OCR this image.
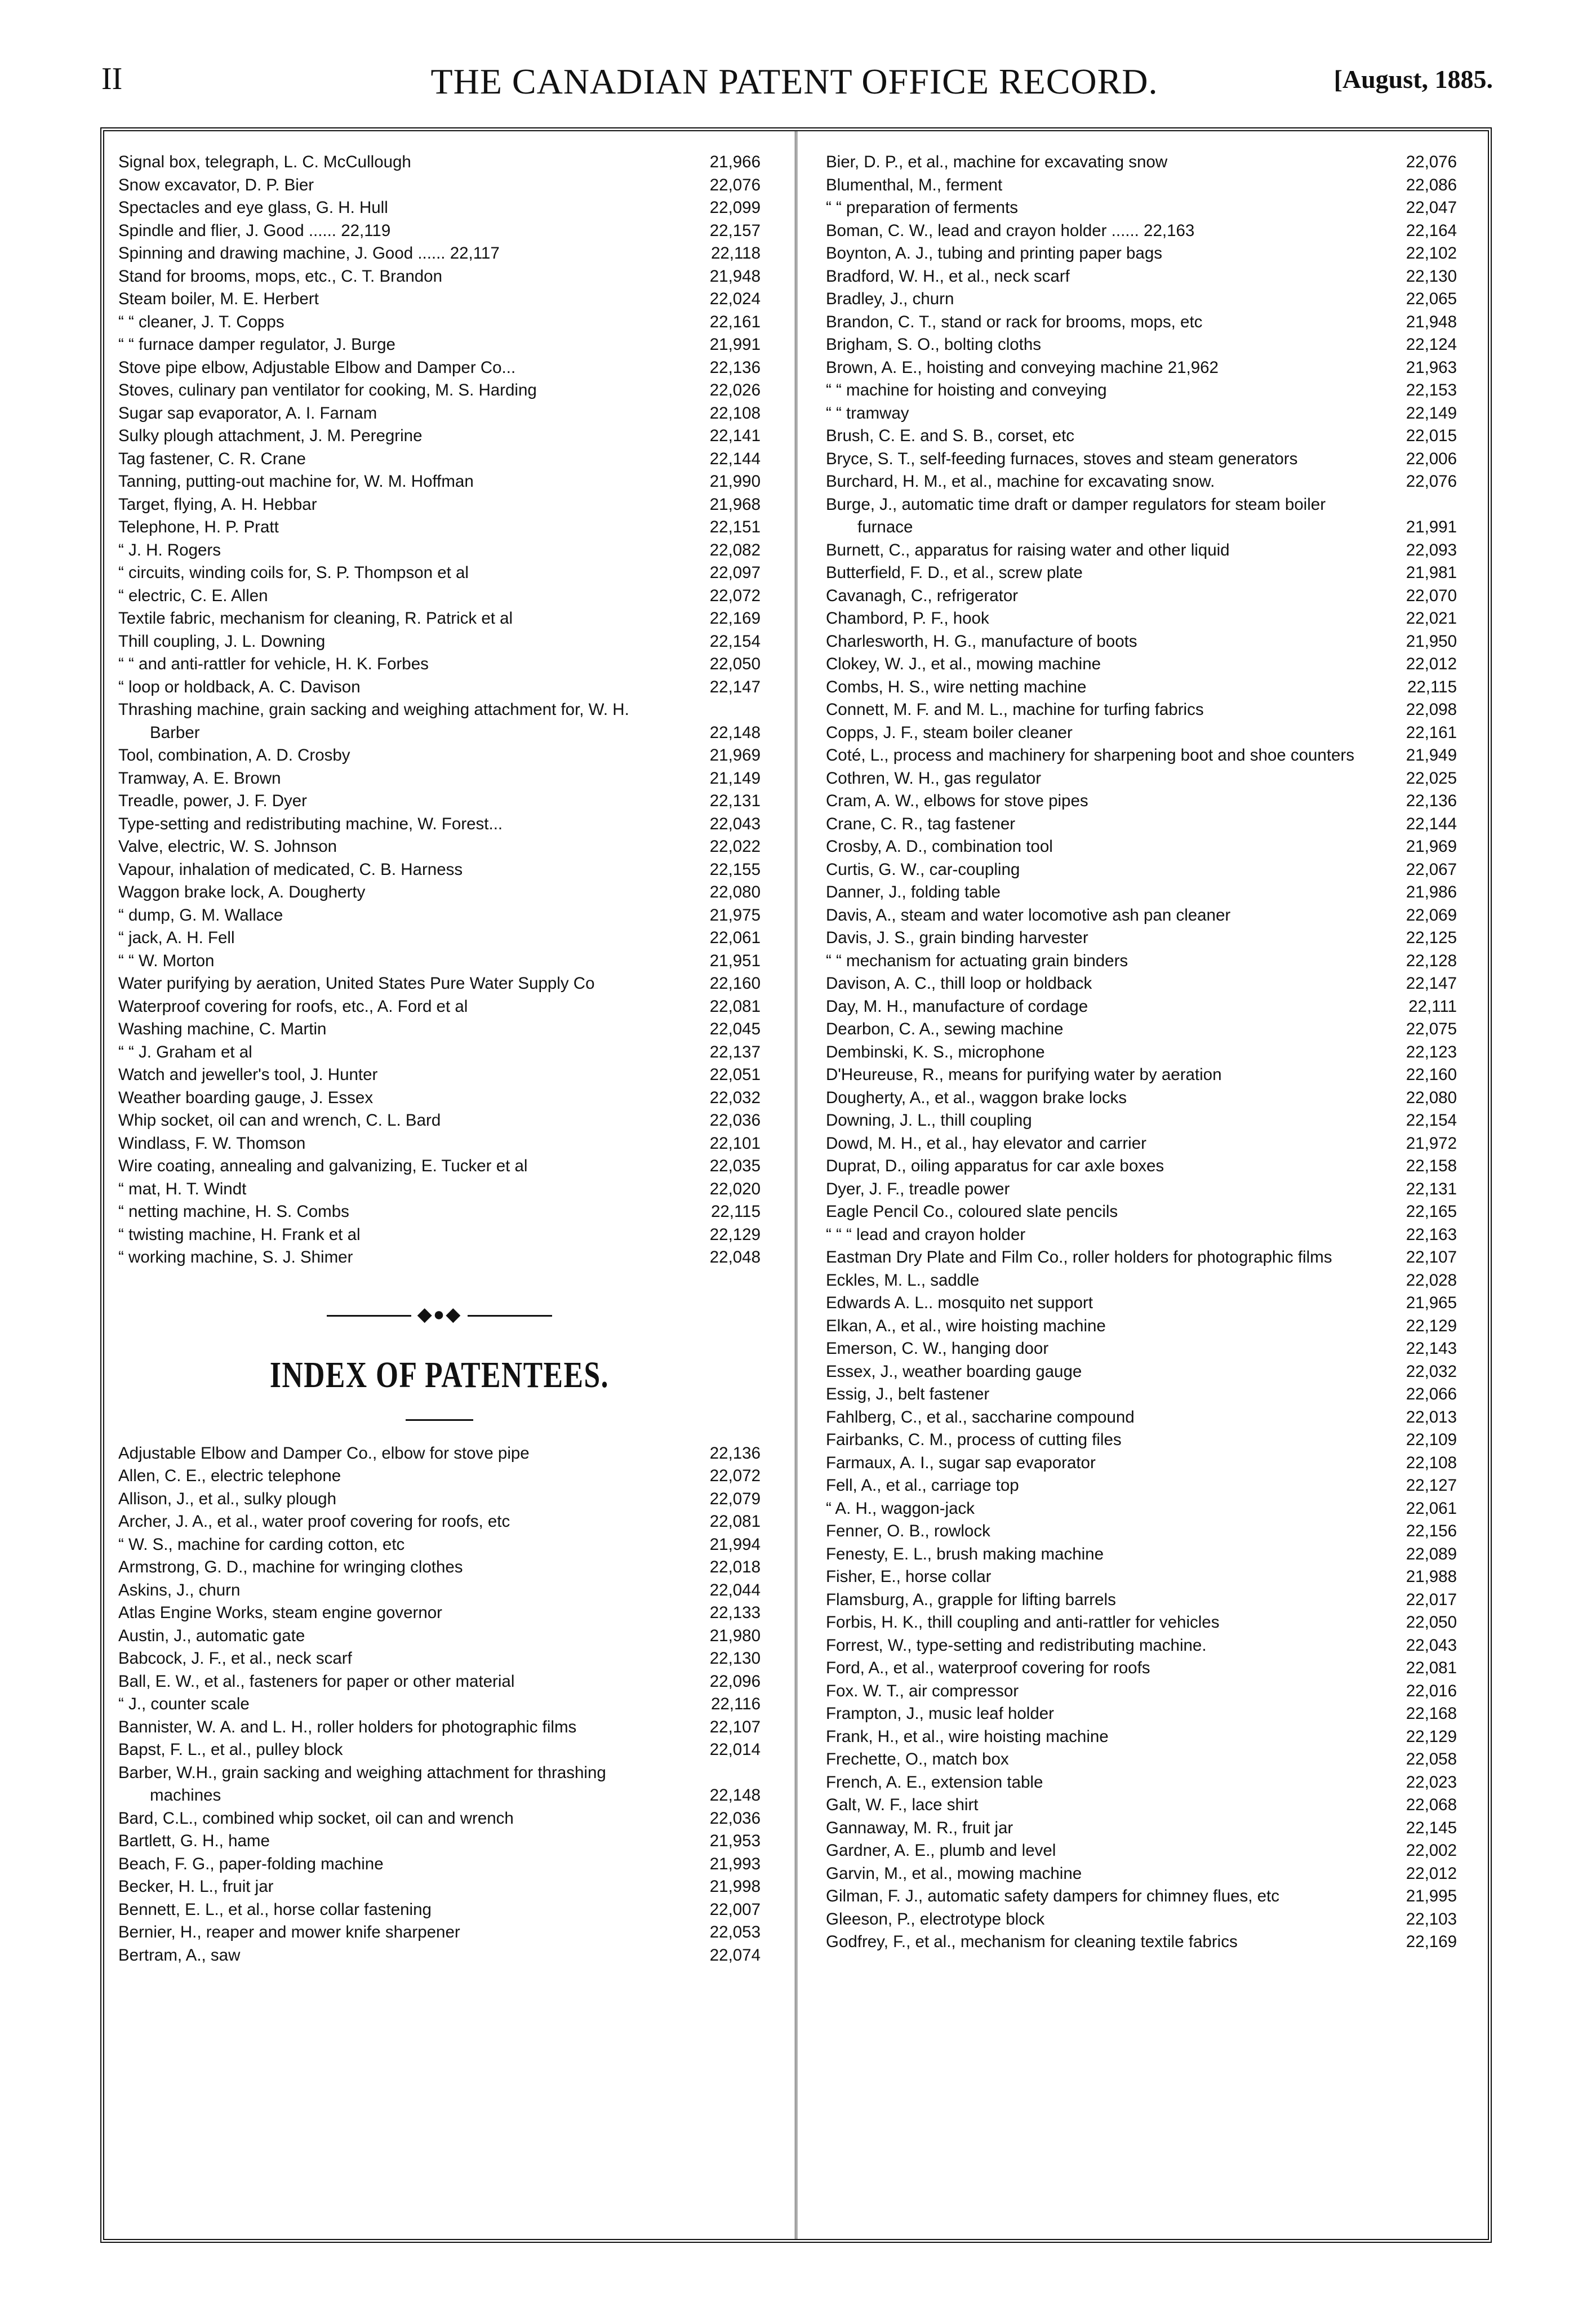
II	THE CANADIAN PATENT OFFICE RECORD.	[August, 1885.
Signal box, telegraph, L. C. McCullough	21,966
Snow excavator, D. P. Bier	22,076
Spectacles and eye glass, G. H. Hull	22,099
Spindle and flier, J. Good ...... 22,119	22,157
Spinning and drawing machine, J. Good ...... 22,117	22,118
Stand for brooms, mops, etc., C. T. Brandon	21,948
Steam boiler, M. E. Herbert	22,024
“ “ cleaner, J. T. Copps	22,161
“ “ furnace damper regulator, J. Burge	21,991
Stove pipe elbow, Adjustable Elbow and Damper Co...	22,136
Stoves, culinary pan ventilator for cooking, M. S. Harding	22,026
Sugar sap evaporator, A. I. Farnam	22,108
Sulky plough attachment, J. M. Peregrine	22,141
Tag fastener, C. R. Crane	22,144
Tanning, putting-out machine for, W. M. Hoffman	21,990
Target, flying, A. H. Hebbar	21,968
Telephone, H. P. Pratt	22,151
“ J. H. Rogers	22,082
“ circuits, winding coils for, S. P. Thompson et al	22,097
“ electric, C. E. Allen	22,072
Textile fabric, mechanism for cleaning, R. Patrick et al	22,169
Thill coupling, J. L. Downing	22,154
“ “ and anti-rattler for vehicle, H. K. Forbes	22,050
“ loop or holdback, A. C. Davison	22,147
Thrashing machine, grain sacking and weighing attachment for, W. H. Barber	22,148
Tool, combination, A. D. Crosby	21,969
Tramway, A. E. Brown	21,149
Treadle, power, J. F. Dyer	22,131
Type-setting and redistributing machine, W. Forest...	22,043
Valve, electric, W. S. Johnson	22,022
Vapour, inhalation of medicated, C. B. Harness	22,155
Waggon brake lock, A. Dougherty	22,080
“ dump, G. M. Wallace	21,975
“ jack, A. H. Fell	22,061
“ “ W. Morton	21,951
Water purifying by aeration, United States Pure Water Supply Co	22,160
Waterproof covering for roofs, etc., A. Ford et al	22,081
Washing machine, C. Martin	22,045
“ “ J. Graham et al	22,137
Watch and jeweller's tool, J. Hunter	22,051
Weather boarding gauge, J. Essex	22,032
Whip socket, oil can and wrench, C. L. Bard	22,036
Windlass, F. W. Thomson	22,101
Wire coating, annealing and galvanizing, E. Tucker et al	22,035
“ mat, H. T. Windt	22,020
“ netting machine, H. S. Combs	22,115
“ twisting machine, H. Frank et al	22,129
“ working machine, S. J. Shimer	22,048
◆●◆
INDEX OF PATENTEES.
Adjustable Elbow and Damper Co., elbow for stove pipe	22,136
Allen, C. E., electric telephone	22,072
Allison, J., et al., sulky plough	22,079
Archer, J. A., et al., water proof covering for roofs, etc	22,081
“ W. S., machine for carding cotton, etc	21,994
Armstrong, G. D., machine for wringing clothes	22,018
Askins, J., churn	22,044
Atlas Engine Works, steam engine governor	22,133
Austin, J., automatic gate	21,980
Babcock, J. F., et al., neck scarf	22,130
Ball, E. W., et al., fasteners for paper or other material	22,096
“ J., counter scale	22,116
Bannister, W. A. and L. H., roller holders for photographic films	22,107
Bapst, F. L., et al., pulley block	22,014
Barber, W.H., grain sacking and weighing attachment for thrashing machines	22,148
Bard, C.L., combined whip socket, oil can and wrench	22,036
Bartlett, G. H., hame	21,953
Beach, F. G., paper-folding machine	21,993
Becker, H. L., fruit jar	21,998
Bennett, E. L., et al., horse collar fastening	22,007
Bernier, H., reaper and mower knife sharpener	22,053
Bertram, A., saw	22,074
Bier, D. P., et al., machine for excavating snow	22,076
Blumenthal, M., ferment	22,086
“ “ preparation of ferments	22,047
Boman, C. W., lead and crayon holder ...... 22,163	22,164
Boynton, A. J., tubing and printing paper bags	22,102
Bradford, W. H., et al., neck scarf	22,130
Bradley, J., churn	22,065
Brandon, C. T., stand or rack for brooms, mops, etc	21,948
Brigham, S. O., bolting cloths	22,124
Brown, A. E., hoisting and conveying machine 21,962	21,963
“ “ machine for hoisting and conveying	22,153
“ “ tramway	22,149
Brush, C. E. and S. B., corset, etc	22,015
Bryce, S. T., self-feeding furnaces, stoves and steam generators	22,006
Burchard, H. M., et al., machine for excavating snow.	22,076
Burge, J., automatic time draft or damper regulators for steam boiler furnace	21,991
Burnett, C., apparatus for raising water and other liquid	22,093
Butterfield, F. D., et al., screw plate	21,981
Cavanagh, C., refrigerator	22,070
Chambord, P. F., hook	22,021
Charlesworth, H. G., manufacture of boots	21,950
Clokey, W. J., et al., mowing machine	22,012
Combs, H. S., wire netting machine	22,115
Connett, M. F. and M. L., machine for turfing fabrics	22,098
Copps, J. F., steam boiler cleaner	22,161
Coté, L., process and machinery for sharpening boot and shoe counters	21,949
Cothren, W. H., gas regulator	22,025
Cram, A. W., elbows for stove pipes	22,136
Crane, C. R., tag fastener	22,144
Crosby, A. D., combination tool	21,969
Curtis, G. W., car-coupling	22,067
Danner, J., folding table	21,986
Davis, A., steam and water locomotive ash pan cleaner	22,069
Davis, J. S., grain binding harvester	22,125
“ “ mechanism for actuating grain binders	22,128
Davison, A. C., thill loop or holdback	22,147
Day, M. H., manufacture of cordage	22,111
Dearbon, C. A., sewing machine	22,075
Dembinski, K. S., microphone	22,123
D'Heureuse, R., means for purifying water by aeration	22,160
Dougherty, A., et al., waggon brake locks	22,080
Downing, J. L., thill coupling	22,154
Dowd, M. H., et al., hay elevator and carrier	21,972
Duprat, D., oiling apparatus for car axle boxes	22,158
Dyer, J. F., treadle power	22,131
Eagle Pencil Co., coloured slate pencils	22,165
“ “ “ lead and crayon holder	22,163
Eastman Dry Plate and Film Co., roller holders for photographic films	22,107
Eckles, M. L., saddle	22,028
Edwards A. L.. mosquito net support	21,965
Elkan, A., et al., wire hoisting machine	22,129
Emerson, C. W., hanging door	22,143
Essex, J., weather boarding gauge	22,032
Essig, J., belt fastener	22,066
Fahlberg, C., et al., saccharine compound	22,013
Fairbanks, C. M., process of cutting files	22,109
Farmaux, A. I., sugar sap evaporator	22,108
Fell, A., et al., carriage top	22,127
“ A. H., waggon-jack	22,061
Fenner, O. B., rowlock	22,156
Fenesty, E. L., brush making machine	22,089
Fisher, E., horse collar	21,988
Flamsburg, A., grapple for lifting barrels	22,017
Forbis, H. K., thill coupling and anti-rattler for vehicles	22,050
Forrest, W., type-setting and redistributing machine.	22,043
Ford, A., et al., waterproof covering for roofs	22,081
Fox. W. T., air compressor	22,016
Frampton, J., music leaf holder	22,168
Frank, H., et al., wire hoisting machine	22,129
Frechette, O., match box	22,058
French, A. E., extension table	22,023
Galt, W. F., lace shirt	22,068
Gannaway, M. R., fruit jar	22,145
Gardner, A. E., plumb and level	22,002
Garvin, M., et al., mowing machine	22,012
Gilman, F. J., automatic safety dampers for chimney flues, etc	21,995
Gleeson, P., electrotype block	22,103
Godfrey, F., et al., mechanism for cleaning textile fabrics	22,169
